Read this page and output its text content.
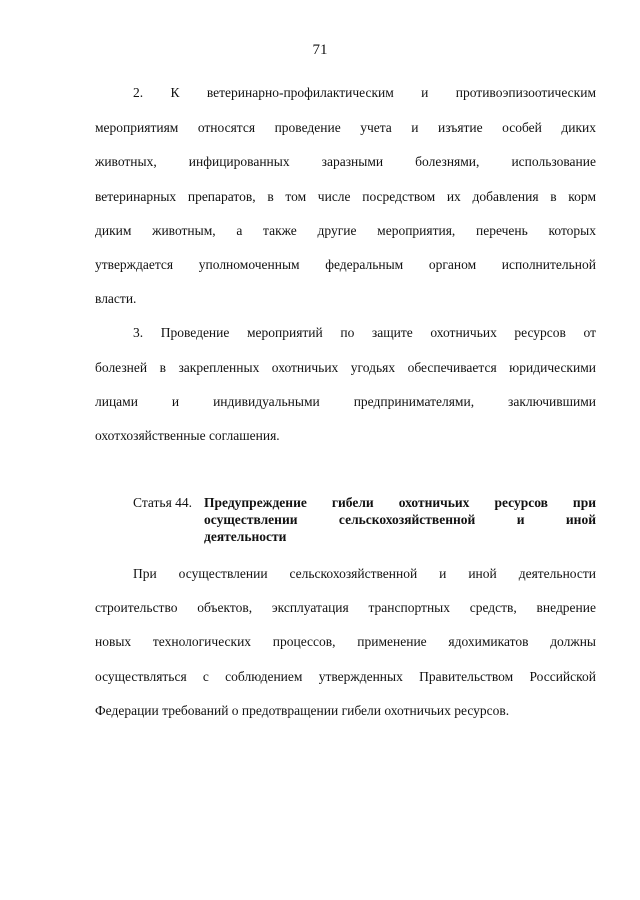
71
2. К ветеринарно-профилактическим и противоэпизоотическим
мероприятиям относятся проведение учета и изъятие особей диких
животных, инфицированных заразными болезнями, использование
ветеринарных препаратов, в том числе посредством их добавления в корм
диким животным, а также другие мероприятия, перечень которых
утверждается уполномоченным федеральным органом исполнительной
власти.
3. Проведение мероприятий по защите охотничьих ресурсов от
болезней в закрепленных охотничьих угодьях обеспечивается юридическими
лицами и индивидуальными предпринимателями, заключившими
охотхозяйственные соглашения.
Статья 44. Предупреждение гибели охотничьих ресурсов при
осуществлении сельскохозяйственной и иной
деятельности
При осуществлении сельскохозяйственной и иной деятельности
строительство объектов, эксплуатация транспортных средств, внедрение
новых технологических процессов, применение ядохимикатов должны
осуществляться с соблюдением утвержденных Правительством Российской
Федерации требований о предотвращении гибели охотничьих ресурсов.
